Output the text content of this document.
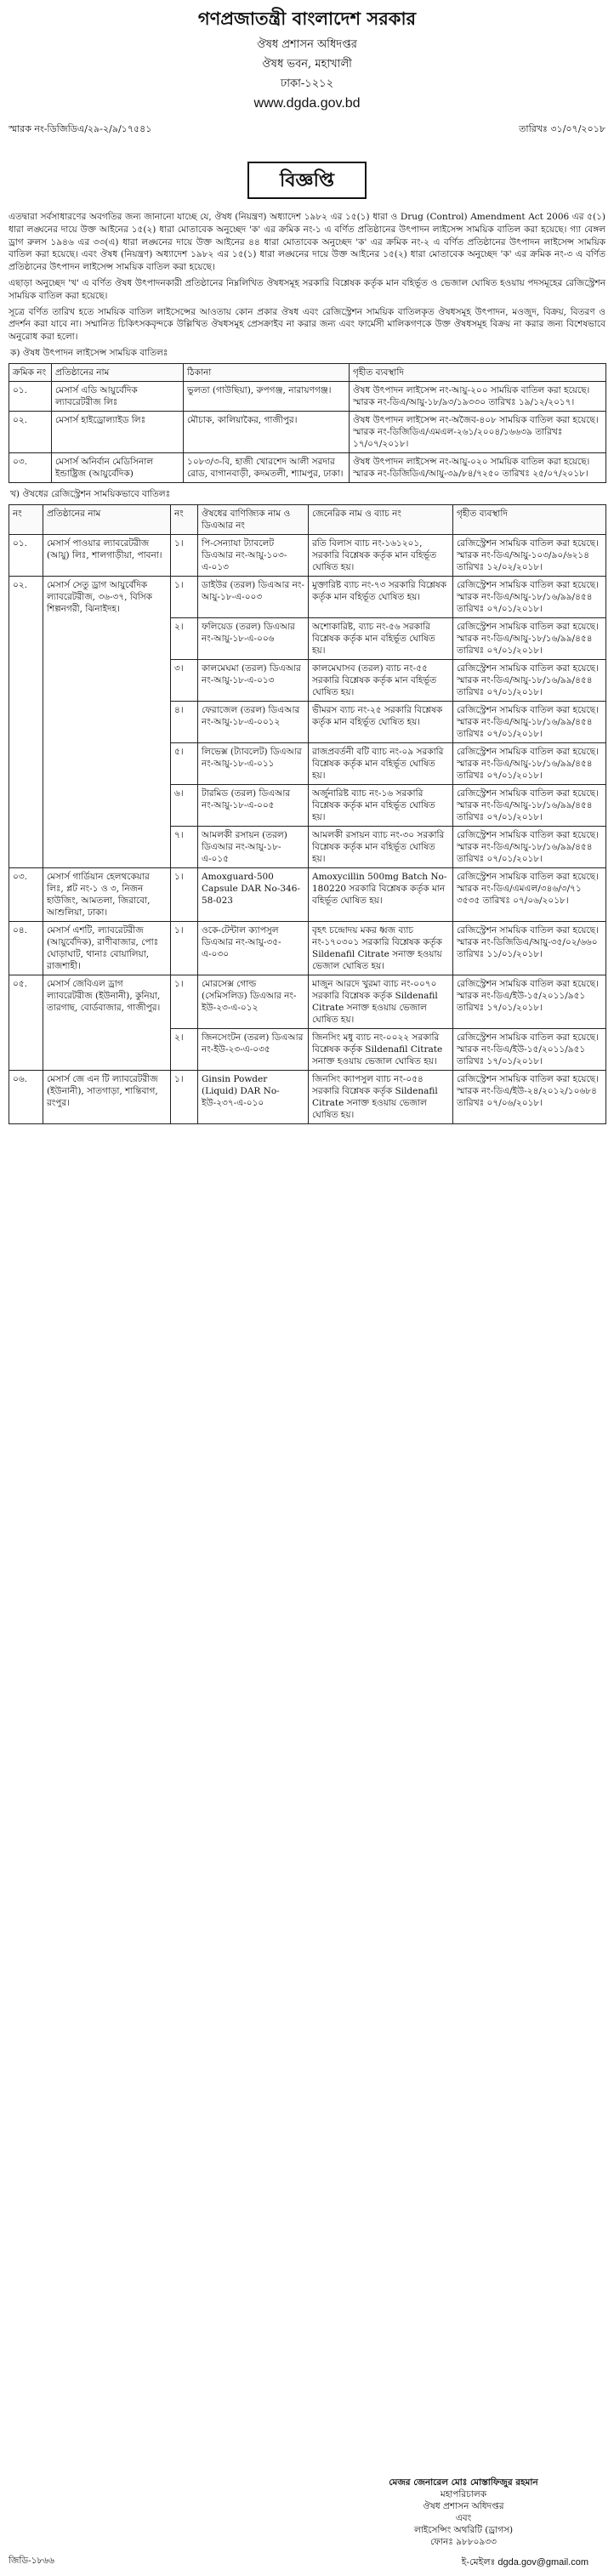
গণপ্রজাতন্ত্রী বাংলাদেশ সরকার
ঔষধ প্রশাসন অধিদপ্তর
ঔষধ ভবন, মহাখালী
ঢাকা-১২১২
www.dgda.gov.bd
স্মারক নং-ডিজিডিএ/২৯-২/৯/১৭৫৪১	তারিখঃ ৩১/০৭/২০১৮
বিজ্ঞপ্তি

এতদ্বারা সর্বসাধারণের অবগতির জন্য জানানো যাচ্ছে যে, ঔষধ (নিয়ন্ত্রণ) অধ্যাদেশ ১৯৮২ এর ১৫(১) ধারা ও Drug (Control) Amendment Act 2006 এর ৫(১) ধারা লঙ্ঘনের দায়ে উক্ত আইনের ১৫(২) ধারা মোতাবেক অনুচ্ছেদ 'ক' এর ক্রমিক নং-১ এ বর্ণিত প্রতিষ্ঠানের উৎপাদন লাইসেন্স সাময়িক বাতিল করা হয়েছে। গ্যা বেঙ্গল ড্রাগ রুলস ১৯৪৬ এর ৩৩(এ) ধারা লঙ্ঘনের দায়ে উক্ত আইনের ৪৪ ধারা মোতাবেক অনুচ্ছেদ 'ক' এর ক্রমিক নং-২ এ বর্ণিত প্রতিষ্ঠানের উৎপাদন লাইসেন্স সাময়িক বাতিল করা হয়েছে। এবং ঔষধ (নিয়ন্ত্রণ) অধ্যাদেশ ১৯৮২ এর ১৫(১) ধারা লঙ্ঘনের দায়ে উক্ত আইনের ১৫(২) ধারা মোতাবেক অনুচ্ছেদ 'ক' এর ক্রমিক নং-৩ এ বর্ণিত প্রতিষ্ঠানের উৎপাদন লাইসেন্স সাময়িক বাতিল করা হয়েছে।

এছাড়া অনুচ্ছেদ 'খ' এ বর্ণিত ঔষধ উৎপাদনকারী প্রতিষ্ঠানের নিম্নলিখিত ঔষধসমূহ সরকারি বিশ্লেষক কর্তৃক মান বহির্ভূত ও ভেজাল ঘোষিত হওয়ায় পদসমূহের রেজিস্ট্রেশন সাময়িক বাতিল করা হয়েছে।

সূত্রে বর্ণিত তারিখ হতে সাময়িক বাতিল লাইসেন্সের আওতায় কোন প্রকার ঔষধ এবং রেজিস্ট্রেশন সাময়িক বাতিলকৃত ঔষধসমূহ উৎপাদন, মওজুদ, বিক্রয়, বিতরণ ও প্রদর্শন করা যাবে না। সম্মানিত চিকিৎসকবৃন্দকে উল্লিখিত ঔষধসমূহ প্রেসক্রাইব না করার জন্য এবং ফার্মেসী মালিকগণকে উক্ত ঔষধসমূহ বিক্রয় না করার জন্য বিশেষভাবে অনুরোধ করা হলো।

ক) ঔষধ উৎপাদন লাইসেন্স সাময়িক বাতিলঃ
ক্রমিক নং	প্রতিষ্ঠানের নাম	ঠিকানা	গৃহীত ব্যবস্থাদি
০১.	মেসার্স এডি আয়ুর্বেদিক ল্যাবরেটরীজ লিঃ	ভুলতা (গাউছিয়া), রুপগঞ্জ, নারায়ণগঞ্জ।	ঔষধ উৎপাদন লাইসেন্স নং-আয়ু-২০০ সাময়িক বাতিল করা হয়েছে। স্মারক নং-ডিএ/আয়ু-১৮/৯৩/১৯৩৩০ তারিখঃ ১৯/১২/২০১৭।
০২.	মেসার্স হাইড্রোল্যাইড লিঃ	মৌচাক, কালিয়াকৈর, গাজীপুর।	ঔষধ উৎপাদন লাইসেন্স নং-অজৈব-৪০৮ সাময়িক বাতিল করা হয়েছে। স্মারক নং-ডিজিডিএ/এমএল-২৬১/২০০৪/১৬৬৩৯ তারিখঃ ১৭/০৭/২০১৮।
০৩.	মেসার্স অনির্বান মেডিসিনাল ইন্ডাষ্ট্রিজ (আয়ুর্বেদিক)	১০৮৩/৩-বি, হাজী খোরশেদ আলী সরদার রোড, বাগানবাড়ী, কদমতলী, শ্যামপুর, ঢাকা।	ঔষধ উৎপাদন লাইসেন্স নং-আয়ু-০২০ সাময়িক বাতিল করা হয়েছে। স্মারক নং-ডিজিডিএ/আয়ু-৩৯/৮৪/৭২৫০ তারিখঃ ২৫/০৭/২০১৮।
খ) ঔষধের রেজিস্ট্রেশন সাময়িকভাবে বাতিলঃ
নং	প্রতিষ্ঠানের নাম	নং	ঔষধের বাণিজ্যিক নাম ও ডিএআর নং	জেনেরিক নাম ও ব্যাচ নং	গৃহীত ব্যবস্থাদি
০১.	মেসার্স পাওয়ার ল্যাবরেটরীজ (আয়ু) লিঃ, শালগাড়ীয়া, পাবনা।	১।	পি-সেন্যাযা ট্যাবলেট ডিএআর নং-আয়ু-১০৩-এ-০১৩	রতি বিলাস ব্যাচ নং-১৬১২০১, সরকারি বিশ্লেষক কর্তৃক মান বহির্ভূত ঘোষিত হয়।	রেজিস্ট্রেশন সাময়িক বাতিল করা হয়েছে। স্মারক নং-ডিএ/আয়ু-১০৩/৯০/৬২১৪ তারিখঃ ১২/০২/২০১৮।
০২.	মেসার্স সেতু ড্রাগ আয়ুর্বেদিক ল্যাবরেটরীজ, ৩৬-৩৭, বিসিক শিল্পনগরী, ঝিনাইদহ।	১।	ডাইউর (তরল) ডিএআর নং-আয়ু-১৮-এ-০০৩	মুক্তারিষ্ট ব্যাচ নং-৭৩ সরকারি বিশ্লেষক কর্তৃক মান বহির্ভূত ঘোষিত হয়।	রেজিস্ট্রেশন সাময়িক বাতিল করা হয়েছে। স্মারক নং-ডিএ/আয়ু-১৮/১৬/৯৯/৪৫৪ তারিখঃ ০৭/০১/২০১৮।
		২।	ফলিয়েড (তরল) ডিএআর নং-আয়ু-১৮-এ-০০৬	অশোকারিষ্ট, ব্যাচ নং-৫৬ সরকারি বিশ্লেষক কর্তৃক মান বহির্ভূত ঘোষিত হয়।	রেজিস্ট্রেশন সাময়িক বাতিল করা হয়েছে। স্মারক নং-ডিএ/আয়ু-১৮/১৬/৯৯/৪৫৪ তারিখঃ ০৭/০১/২০১৮।
		৩।	কালমেঘমা (তরল) ডিএআর নং-আয়ু-১৮-এ-০১৩	কালমেঘাসব (তরল) ব্যাচ নং-৫৫ সরকারি বিশ্লেষক কর্তৃক মান বহির্ভূত ঘোষিত হয়।	রেজিস্ট্রেশন সাময়িক বাতিল করা হয়েছে। স্মারক নং-ডিএ/আয়ু-১৮/১৬/৯৯/৪৫৪ তারিখঃ ০৭/০১/২০১৮।
		৪।	ফেরাজেল (তরল) ডিএআর নং-আয়ু-১৮-এ-০০১২	ভীমরস ব্যাচ নং-২৫ সরকারি বিশ্লেষক কর্তৃক মান বহির্ভূত ঘোষিত হয়।	রেজিস্ট্রেশন সাময়িক বাতিল করা হয়েছে। স্মারক নং-ডিএ/আয়ু-১৮/১৬/৯৯/৪৫৪ তারিখঃ ০৭/০১/২০১৮।
		৫।	লিভেক্স (ট্যাবলেট) ডিএআর নং-আয়ু-১৮-এ-০১১	রাজপ্রবর্তনী বটি ব্যাচ নং-০৯ সরকারি বিশ্লেষক কর্তৃক মান বহির্ভূত ঘোষিত হয়।	রেজিস্ট্রেশন সাময়িক বাতিল করা হয়েছে। স্মারক নং-ডিএ/আয়ু-১৮/১৬/৯৯/৪৫৪ তারিখঃ ০৭/০১/২০১৮।
		৬।	টারমিড (তরল) ডিএআর নং-আয়ু-১৮-এ-০০৫	অর্জুনারিষ্ট ব্যাচ নং-১৬ সরকারি বিশ্লেষক কর্তৃক মান বহির্ভূত ঘোষিত হয়।	রেজিস্ট্রেশন সাময়িক বাতিল করা হয়েছে। স্মারক নং-ডিএ/আয়ু-১৮/১৬/৯৯/৪৫৪ তারিখঃ ০৭/০১/২০১৮।
		৭।	আমলকী রসায়ন (তরল) ডিএআর নং-আয়ু-১৮-এ-০১৫	আমলকী রসায়ন ব্যাচ নং-৩০ সরকারি বিশ্লেষক কর্তৃক মান বহির্ভূত ঘোষিত হয়।	রেজিস্ট্রেশন সাময়িক বাতিল করা হয়েছে। স্মারক নং-ডিএ/আয়ু-১৮/১৬/৯৯/৪৫৪ তারিখঃ ০৭/০১/২০১৮।
০৩.	মেসার্স গার্ডিয়ান হেলথকেয়ার লিঃ, প্লট নং-১ ও ৩, নিজন হাউজিং, আমতলা, জিরাবো, আশুলিয়া, ঢাকা।	১।	Amoxguard-500 Capsule DAR No-346-58-023	Amoxycillin 500mg Batch No-180220 সরকারি বিশ্লেষক কর্তৃক মান বহির্ভূত ঘোষিত হয়।	রেজিস্ট্রেশন সাময়িক বাতিল করা হয়েছে। স্মারক নং-ডিএ/এমএল/৩৪৬/৩/৭১ ৩৫৩৫ তারিখঃ ০৭/০৬/২০১৮।
০৪.	মেসার্স এশটি, ল্যাবরেটরীজ (আয়ুর্বেদিক), রাণীবাজার, পোঃ ঘোড়াঘাট, থানাঃ বোয়ালিয়া, রাজশাহী।	১।	ওকে-টেন্টাল ক্যাপসুল ডিএআর নং-আয়ু-৩৫-এ-০৩০	বৃহৎ চন্দ্রোদয় মকর ধ্বজ ব্যাচ নং-১৭০৩০১ সরকারি বিশ্লেষক কর্তৃক Sildenafil Citrate সনাক্ত হওয়ায় ভেজাল ঘোষিত হয়।	রেজিস্ট্রেশন সাময়িক বাতিল করা হয়েছে। স্মারক নং-ডিজিডিএ/আয়ু-৩৫/০২/৬৬০ তারিখঃ ১১/০১/২০১৮।
০৫.	মেসার্স জেবিএল ড্রাগ ল্যাবরেটরীজ (ইউনানী), কুনিয়া, তারগাছ, বোর্ডবাজার, গাজীপুর।	১।	মোরসেক্স গোল্ড (সেমিসলিড) ডিএআর নং-ইউ-২৩-এ-০১২	মাজুন আরদে খুরমা ব্যাচ নং-০০৭০ সরকারি বিশ্লেষক কর্তৃক Sildenafil Citrate সনাক্ত হওয়ায় ভেজাল ঘোষিত হয়।	রেজিস্ট্রেশন সাময়িক বাতিল করা হয়েছে। স্মারক নং-ডিএ/ইউ-১৫/২০১১/৯৫১ তারিখঃ ১৭/০১/২০১৮।
		২।	জিনসেংটন (তরল) ডিএআর নং-ইউ-২৩-এ-০৩৫	জিনসিং মধু ব্যাচ নং-০০২২ সরকারি বিশ্লেষক কর্তৃক Sildenafil Citrate সনাক্ত হওয়ায় ভেজাল ঘোষিত হয়।	রেজিস্ট্রেশন সাময়িক বাতিল করা হয়েছে। স্মারক নং-ডিএ/ইউ-১৫/২০১১/৯৫১ তারিখঃ ১৭/০১/২০১৮।
০৬.	মেসার্স জে এন টি ল্যাবরেটরীজ (ইউনানী), সাতগাড়া, শান্তিবাগ, রংপুর।	১।	Ginsin Powder (Liquid) DAR No-ইউ-২৩৭-এ-০১০	জিনসিং ক্যাপসুল ব্যাচ নং-০৫৪ সরকারি বিশ্লেষক কর্তৃক Sildenafil Citrate সনাক্ত হওয়ায় ভেজাল ঘোষিত হয়।	রেজিস্ট্রেশন সাময়িক বাতিল করা হয়েছে। স্মারক নং-ডিএ/ইউ-২৪/২০১২/১০৬৮৪ তারিখঃ ০৭/০৬/২০১৮।
মেজর জেনারেল মোঃ মোস্তাফিজুর রহমান
মহাপরিচালক
ঔষধ প্রশাসন অধিদপ্তর
এবং
লাইসেন্সিং অথরিটি (ড্রাগস)
ফোনঃ ৯৮৮০৯৩৩
জিডি-১৮৬৬	ই-মেইলঃ dgda.gov@gmail.com
